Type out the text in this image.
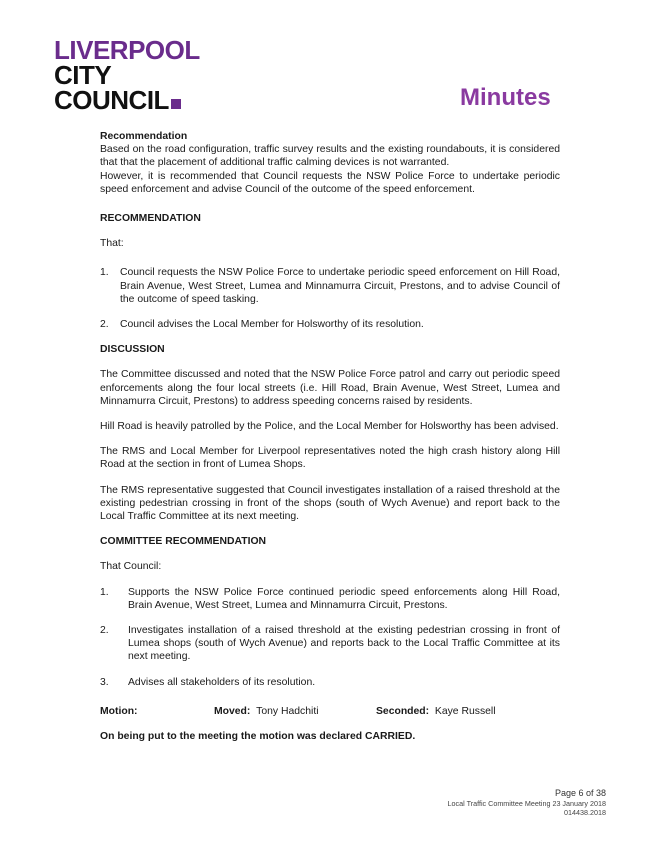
LIVERPOOL
CITY
COUNCIL	Minutes

Recommendation

Based on the road configuration, traffic survey results and the existing roundabouts, it is considered that that the placement of additional traffic calming devices is not warranted.

However, it is recommended that Council requests the NSW Police Force to undertake periodic speed enforcement and advise Council of the outcome of the speed enforcement.

RECOMMENDATION

That:

1.	Council requests the NSW Police Force to undertake periodic speed enforcement on Hill Road, Brain Avenue, West Street, Lumea and Minnamurra Circuit, Prestons, and to advise Council of the outcome of speed tasking.
2.	Council advises the Local Member for Holsworthy of its resolution.

DISCUSSION

The Committee discussed and noted that the NSW Police Force patrol and carry out periodic speed enforcements along the four local streets (i.e. Hill Road, Brain Avenue, West Street, Lumea and Minnamurra Circuit, Prestons) to address speeding concerns raised by residents.

Hill Road is heavily patrolled by the Police, and the Local Member for Holsworthy has been advised.

The RMS and Local Member for Liverpool representatives noted the high crash history along Hill Road at the section in front of Lumea Shops.

The RMS representative suggested that Council investigates installation of a raised threshold at the existing pedestrian crossing in front of the shops (south of Wych Avenue) and report back to the Local Traffic Committee at its next meeting.

COMMITTEE RECOMMENDATION

That Council:

1.	Supports the NSW Police Force continued periodic speed enforcements along Hill Road, Brain Avenue, West Street, Lumea and Minnamurra Circuit, Prestons.
2.	Investigates installation of a raised threshold at the existing pedestrian crossing in front of Lumea shops (south of Wych Avenue) and reports back to the Local Traffic Committee at its next meeting.
3.	Advises all stakeholders of its resolution.
Motion:	Moved: Tony Hadchiti	Seconded: Kaye Russell

On being put to the meeting the motion was declared CARRIED.

Page 6 of 38
Local Traffic Committee Meeting 23 January 2018
014438.2018
